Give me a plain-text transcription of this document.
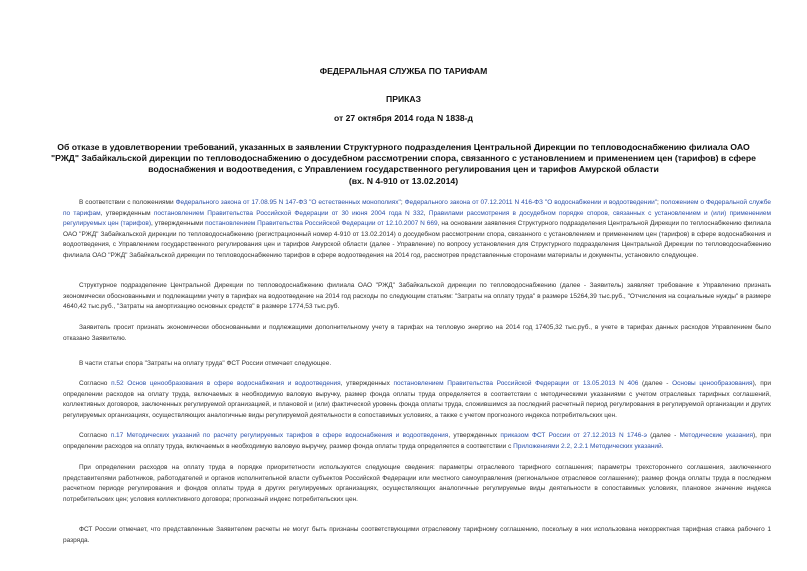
ФЕДЕРАЛЬНАЯ СЛУЖБА ПО ТАРИФАМ
ПРИКАЗ
от 27 октября 2014 года N 1838-д
Об отказе в удовлетворении требований, указанных в заявлении Структурного подразделения Центральной Дирекции по тепловодоснабжению филиала ОАО
"РЖД" Забайкальской дирекции по тепловодоснабжению о досудебном рассмотрении спора, связанного с установлением и применением цен (тарифов) в сфере
водоснабжения и водоотведения, с Управлением государственного регулирования цен и тарифов Амурской области
(вх. N 4-910 от 13.02.2014)
В соответствии с положениями Федерального закона от 17.08.95 N 147-ФЗ "О естественных монополиях"; Федерального закона от 07.12.2011 N 416-ФЗ "О водоснабжении и водоотведении"; положением о Федеральной службе по тарифам, утвержденным постановлением Правительства Российской Федерации от 30 июня 2004 года N 332, Правилами рассмотрения в досудебном порядке споров, связанных с установлением и (или) применением регулируемых цен (тарифов), утвержденными постановлением Правительства Российской Федерации от 12.10.2007 N 669, на основании заявления Структурного подразделения Центральной Дирекции по теплоснабжению филиала ОАО "РЖД" Забайкальской дирекции по тепловодоснабжению (регистрационный номер 4-910 от 13.02.2014) о досудебном рассмотрении спора, связанного с установлением и применением цен (тарифов) в сфере водоснабжения и водоотведения, с Управлением государственного регулирования цен и тарифов Амурской области (далее - Управление) по вопросу установления для Структурного подразделения Центральной Дирекции по тепловодоснабжению филиала ОАО "РЖД" Забайкальской дирекции по тепловодоснабжению тарифов в сфере водоотведения на 2014 год, рассмотрев представленные сторонами материалы и документы, установило следующее.
Структурное подразделение Центральной Дирекции по тепловодоснабжению филиала ОАО "РЖД" Забайкальской дирекции по тепловодоснабжению (далее - Заявитель) заявляет требование к Управлению признать экономически обоснованными и подлежащими учету в тарифах на водоотведение на 2014 год расходы по следующим статьям: "Затраты на оплату труда" в размере 15264,39 тыс.руб., "Отчисления на социальные нужды" в размере 4640,42 тыс.руб., "Затраты на амортизацию основных средств" в размере 1774,53 тыс.руб.
Заявитель просит признать экономически обоснованными и подлежащими дополнительному учету в тарифах на тепловую энергию на 2014 год 17405,32 тыс.руб., в учете в тарифах данных расходов Управлением было отказано Заявителю.
В части статьи спора "Затраты на оплату труда" ФСТ России отмечает следующее.
Согласно п.52 Основ ценообразования в сфере водоснабжения и водоотведения, утвержденных постановлением Правительства Российской Федерации от 13.05.2013 N 406 (далее - Основы ценообразования), при определении расходов на оплату труда, включаемых в необходимую валовую выручку, размер фонда оплаты труда определяется в соответствии с методическими указаниями с учетом отраслевых тарифных соглашений, коллективных договоров, заключенных регулируемой организацией, и плановой и (или) фактической уровень фонда оплаты труда, сложившимся за последний расчетный период регулирования в регулируемой организации и других регулируемых организациях, осуществляющих аналогичные виды регулируемой деятельности в сопоставимых условиях, а также с учетом прогнозного индекса потребительских цен.
Согласно п.17 Методических указаний по расчету регулируемых тарифов в сфере водоснабжения и водоотведения, утвержденных приказом ФСТ России от 27.12.2013 N 1746-э (далее - Методические указания), при определении расходов на оплату труда, включаемых в необходимую валовую выручку, размер фонда оплаты труда определяется в соответствии с Приложениями 2.2, 2.2.1 Методических указаний.
При определении расходов на оплату труда в порядке приоритетности используются следующие сведения: параметры отраслевого тарифного соглашения; параметры трехстороннего соглашения, заключенного представителями работников, работодателей и органов исполнительной власти субъектов Российской Федерации или местного самоуправления (региональное отраслевое соглашение); размер фонда оплаты труда в последнем расчетном периоде регулирования и фондов оплаты труда в других регулируемых организациях, осуществляющих аналогичные регулируемые виды деятельности в сопоставимых условиях, плановое значение индекса потребительских цен; условия коллективного договора; прогнозный индекс потребительских цен.
ФСТ России отмечает, что представленные Заявителем расчеты не могут быть признаны соответствующими отраслевому тарифному соглашению, поскольку в них использована некорректная тарифная ставка рабочего 1 разряда.
